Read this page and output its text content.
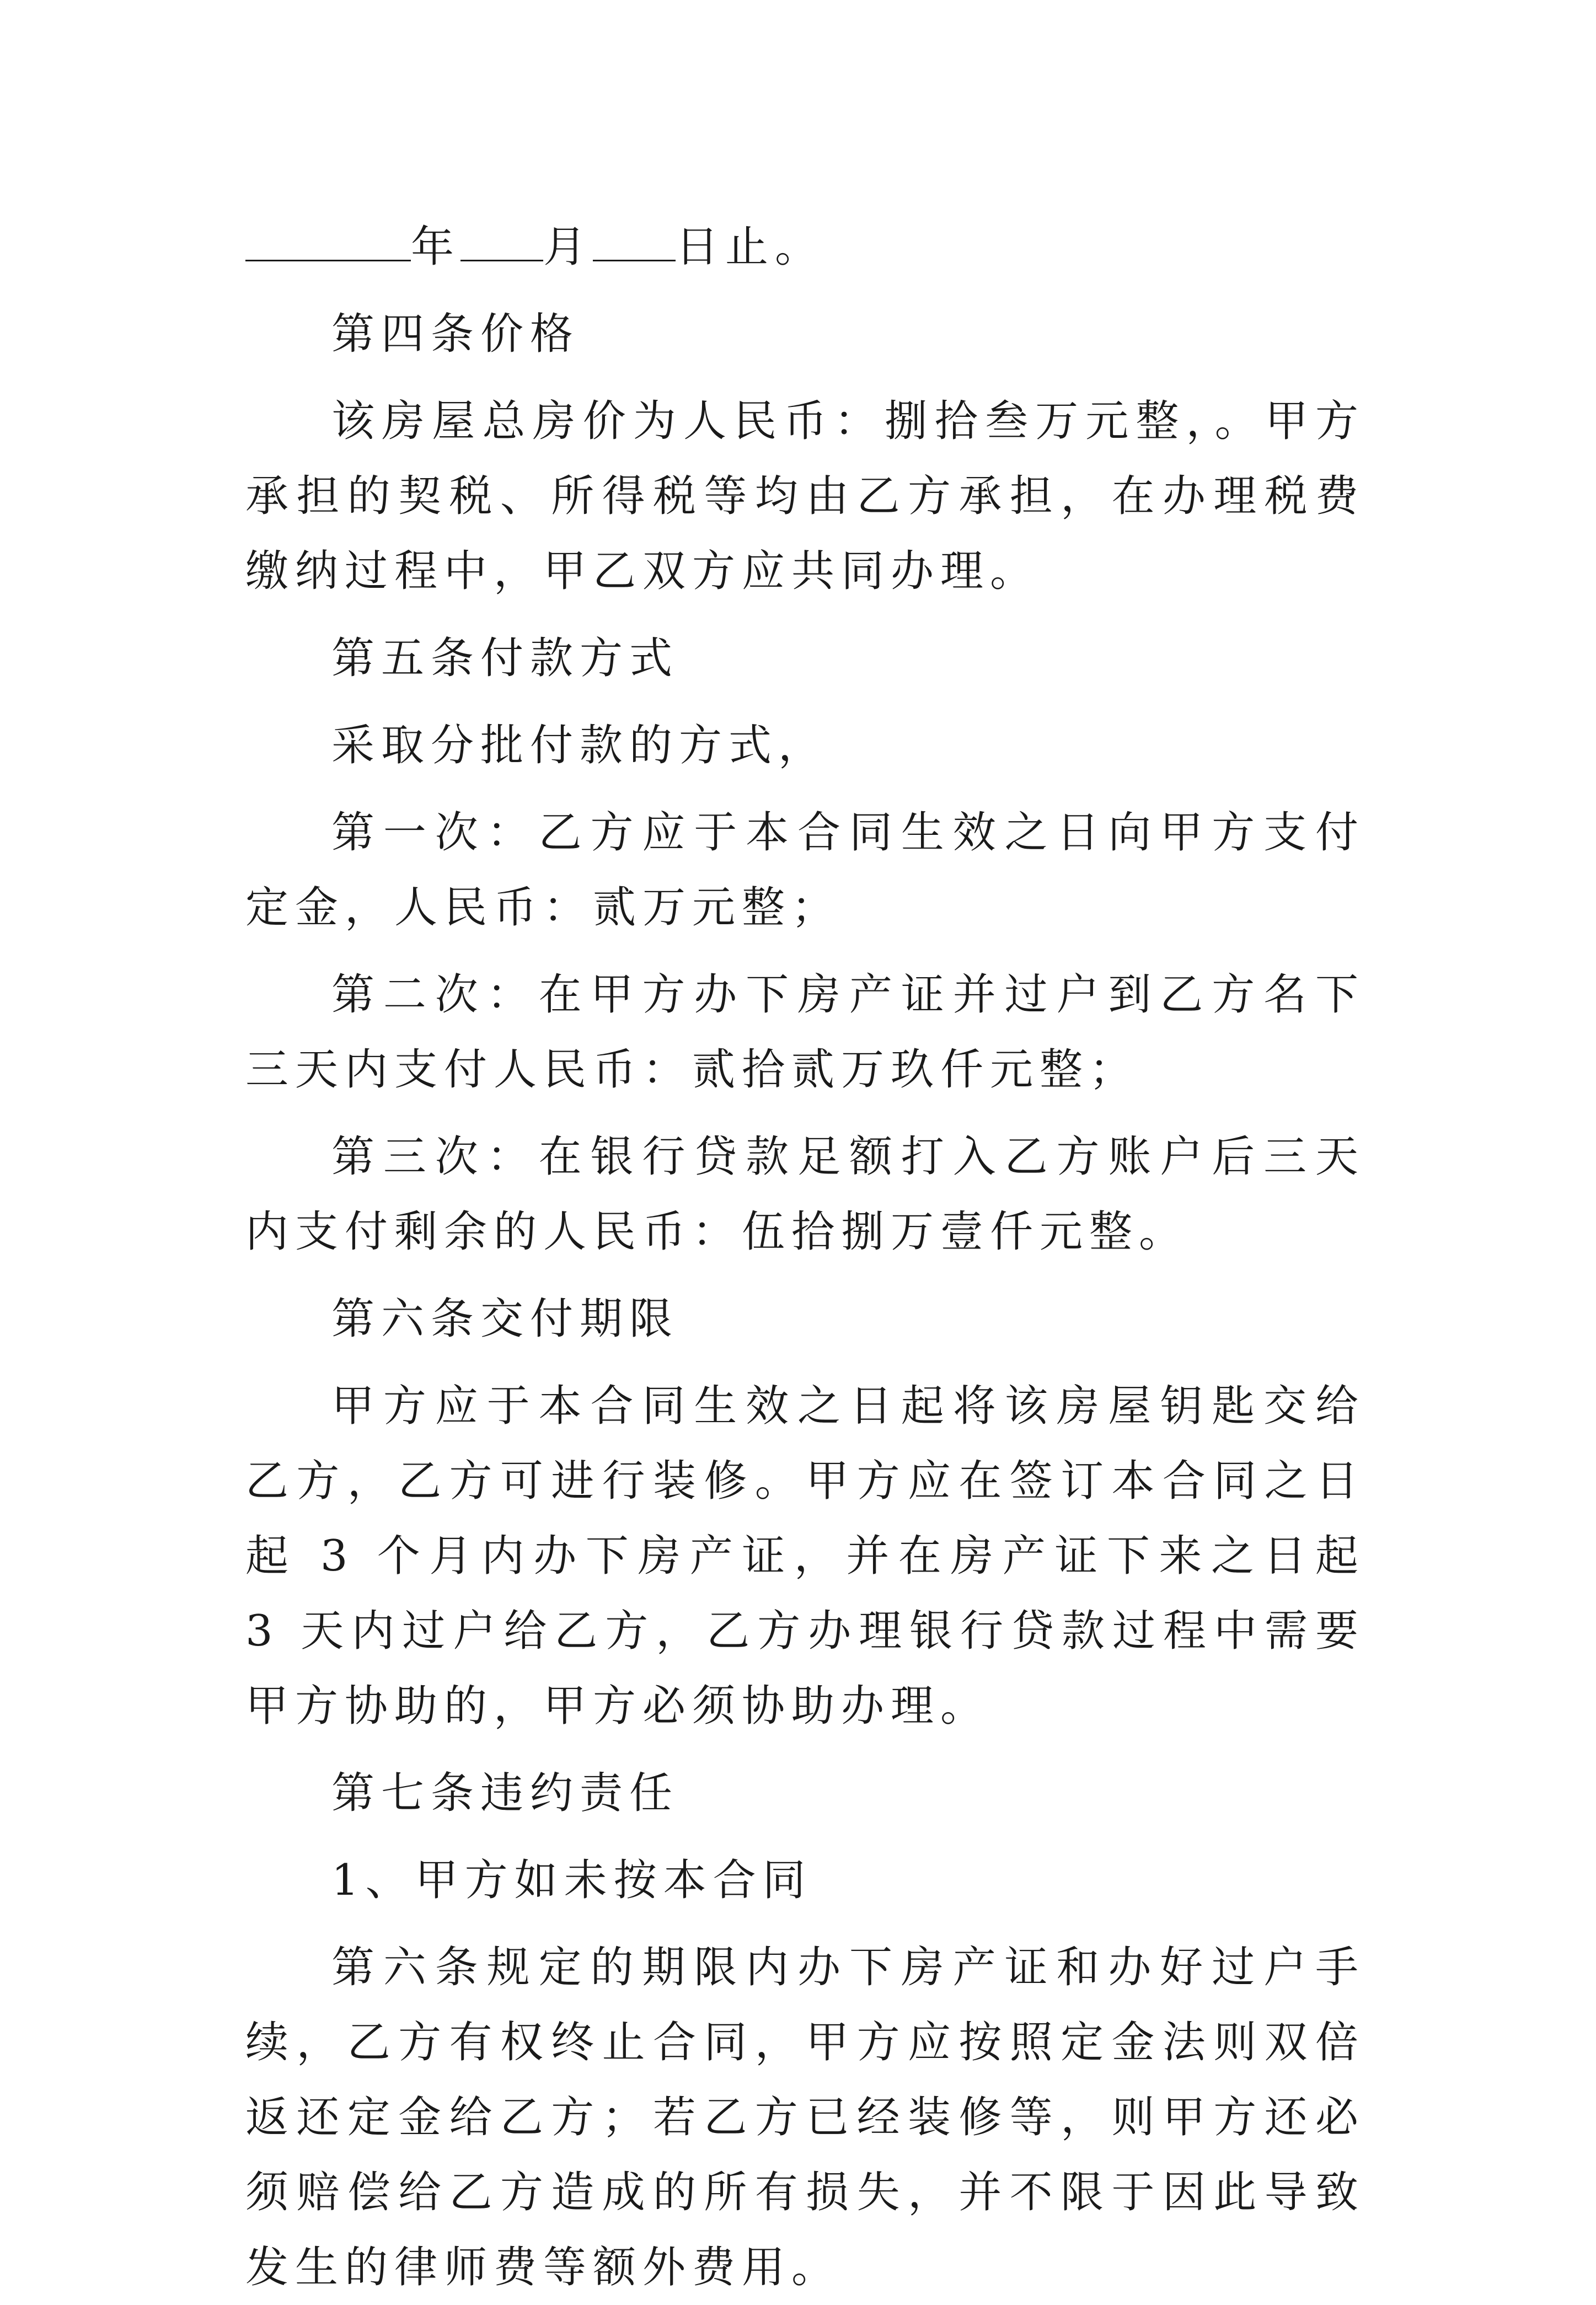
年 月 日止。

第四条价格

该房屋总房价为人民币：捌拾叁万元整，。甲方承担的契税、所得税等均由乙方承担，在办理税费缴纳过程中，甲乙双方应共同办理。

第五条付款方式

采取分批付款的方式，

第一次：乙方应于本合同生效之日向甲方支付定金，人民币：贰万元整；

第二次：在甲方办下房产证并过户到乙方名下三天内支付人民币：贰拾贰万玖仟元整；

第三次：在银行贷款足额打入乙方账户后三天内支付剩余的人民币：伍拾捌万壹仟元整。

第六条交付期限

甲方应于本合同生效之日起将该房屋钥匙交给乙方，乙方可进行装修。甲方应在签订本合同之日起 3 个月内办下房产证，并在房产证下来之日起 3 天内过户给乙方，乙方办理银行贷款过程中需要甲方协助的，甲方必须协助办理。

第七条违约责任

1、甲方如未按本合同

第六条规定的期限内办下房产证和办好过户手续，乙方有权终止合同，甲方应按照定金法则双倍返还定金给乙方；若乙方已经装修等，则甲方还必须赔偿给乙方造成的所有损失，并不限于因此导致发生的律师费等额外费用。
